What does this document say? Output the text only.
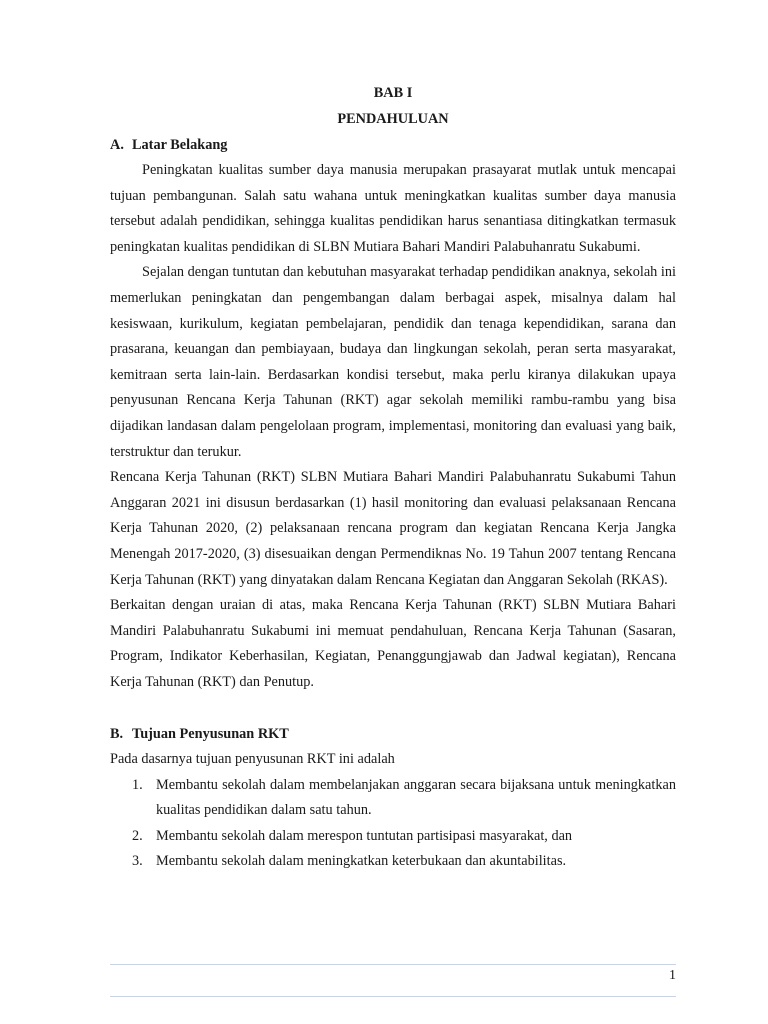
BAB I
PENDAHULUAN
A. Latar Belakang

Peningkatan kualitas sumber daya manusia merupakan prasayarat mutlak untuk mencapai tujuan pembangunan. Salah satu wahana untuk meningkatkan kualitas sumber daya manusia tersebut adalah pendidikan, sehingga kualitas pendidikan harus senantiasa ditingkatkan termasuk peningkatan kualitas pendidikan di SLBN Mutiara Bahari Mandiri Palabuhanratu Sukabumi.

Sejalan dengan tuntutan dan kebutuhan masyarakat terhadap pendidikan anaknya, sekolah ini memerlukan peningkatan dan pengembangan dalam berbagai aspek, misalnya dalam hal kesiswaan, kurikulum, kegiatan pembelajaran, pendidik dan tenaga kependidikan, sarana dan prasarana, keuangan dan pembiayaan, budaya dan lingkungan sekolah, peran serta masyarakat, kemitraan serta lain-lain. Berdasarkan kondisi tersebut, maka perlu kiranya dilakukan upaya penyusunan Rencana Kerja Tahunan (RKT) agar sekolah memiliki rambu-rambu yang bisa dijadikan landasan dalam pengelolaan program, implementasi, monitoring dan evaluasi yang baik, terstruktur dan terukur.

Rencana Kerja Tahunan (RKT) SLBN Mutiara Bahari Mandiri Palabuhanratu Sukabumi Tahun Anggaran 2021 ini disusun berdasarkan (1) hasil monitoring dan evaluasi pelaksanaan Rencana Kerja Tahunan 2020, (2) pelaksanaan rencana program dan kegiatan Rencana Kerja Jangka Menengah 2017-2020, (3) disesuaikan dengan Permendiknas No. 19 Tahun 2007 tentang Rencana Kerja Tahunan (RKT) yang dinyatakan dalam Rencana Kegiatan dan Anggaran Sekolah (RKAS).

Berkaitan dengan uraian di atas, maka Rencana Kerja Tahunan (RKT) SLBN Mutiara Bahari Mandiri Palabuhanratu Sukabumi ini memuat pendahuluan, Rencana Kerja Tahunan (Sasaran, Program, Indikator Keberhasilan, Kegiatan, Penanggungjawab dan Jadwal kegiatan), Rencana Kerja Tahunan (RKT) dan Penutup.

B. Tujuan Penyusunan RKT

Pada dasarnya tujuan penyusunan RKT ini adalah

1. Membantu sekolah dalam membelanjakan anggaran secara bijaksana untuk meningkatkan kualitas pendidikan dalam satu tahun.
2. Membantu sekolah dalam merespon tuntutan partisipasi masyarakat, dan
3. Membantu sekolah dalam meningkatkan keterbukaan dan akuntabilitas.
1
